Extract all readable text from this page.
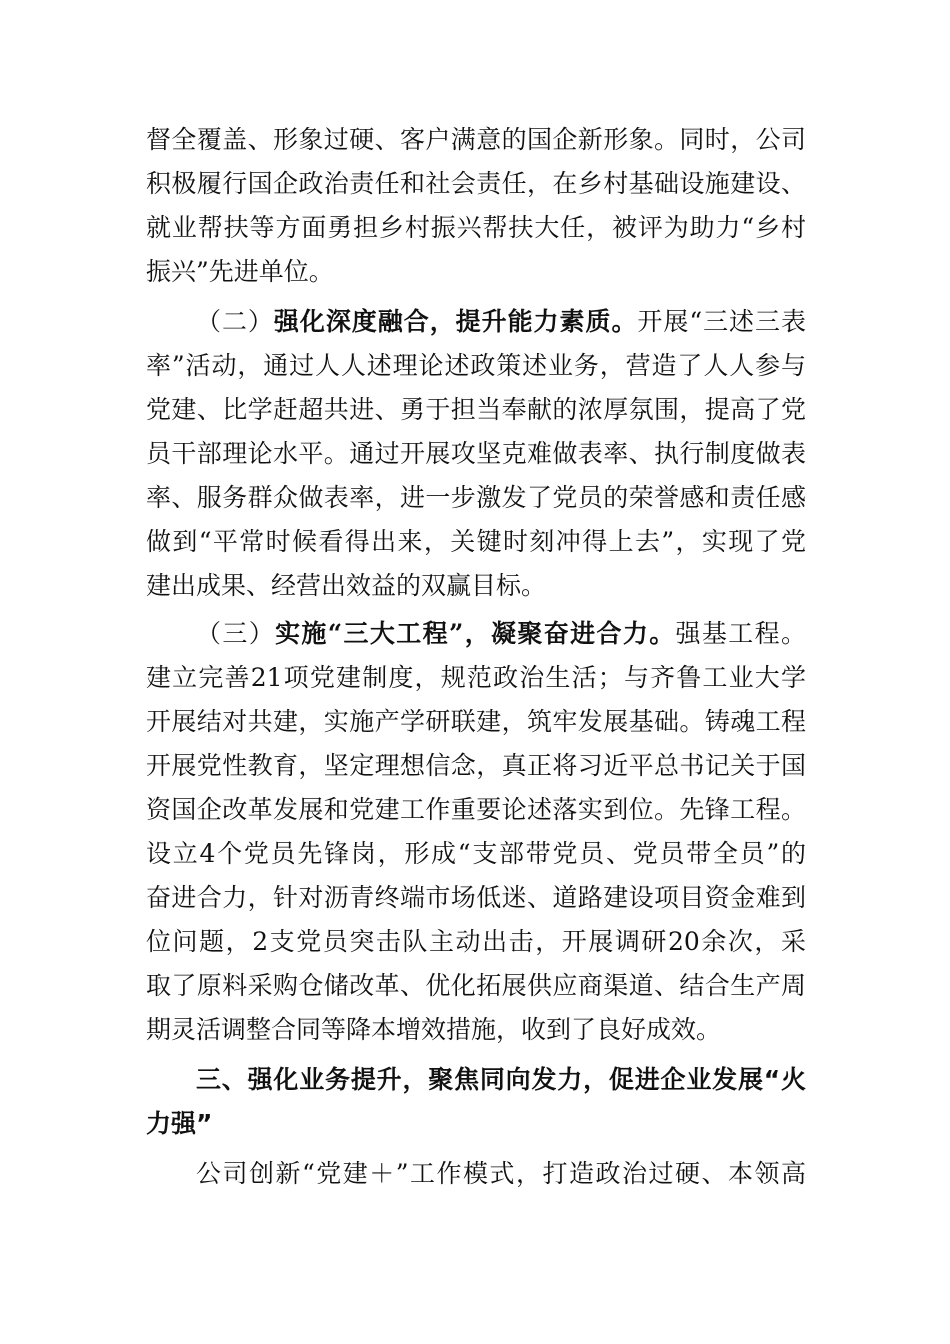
督全覆盖、形象过硬、客户满意的国企新形象。同时，公司
积极履行国企政治责任和社会责任，在乡村基础设施建设、
就业帮扶等方面勇担乡村振兴帮扶大任，被评为助力“乡村
振兴”先进单位。
（二）强化深度融合，提升能力素质。开展“三述三表
率”活动，通过人人述理论述政策述业务，营造了人人参与
党建、比学赶超共进、勇于担当奉献的浓厚氛围，提高了党
员干部理论水平。通过开展攻坚克难做表率、执行制度做表
率、服务群众做表率，进一步激发了党员的荣誉感和责任感
做到“平常时候看得出来，关键时刻冲得上去”，实现了党
建出成果、经营出效益的双赢目标。
（三）实施“三大工程”，凝聚奋进合力。强基工程。
建立完善21项党建制度，规范政治生活；与齐鲁工业大学
开展结对共建，实施产学研联建，筑牢发展基础。铸魂工程
开展党性教育，坚定理想信念，真正将习近平总书记关于国
资国企改革发展和党建工作重要论述落实到位。先锋工程。
设立4个党员先锋岗，形成“支部带党员、党员带全员”的
奋进合力，针对沥青终端市场低迷、道路建设项目资金难到
位问题，2支党员突击队主动出击，开展调研20余次，采
取了原料采购仓储改革、优化拓展供应商渠道、结合生产周
期灵活调整合同等降本增效措施，收到了良好成效。
三、强化业务提升，聚焦同向发力，促进企业发展“火
力强”
公司创新“党建＋”工作模式，打造政治过硬、本领高
